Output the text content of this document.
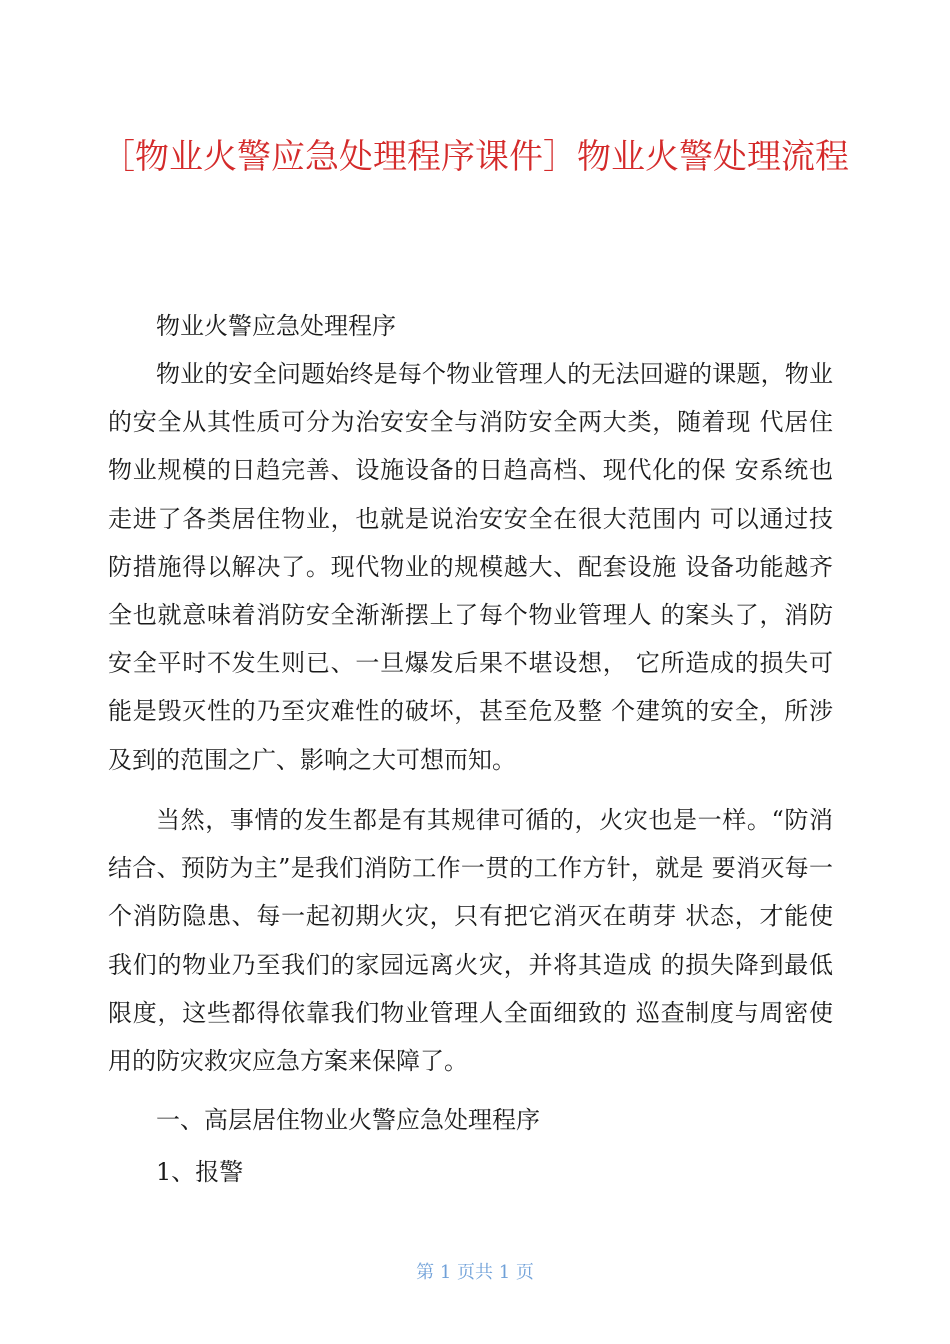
［物业火警应急处理程序课件］物业火警处理流程

物业火警应急处理程序

物业的安全问题始终是每个物业管理人的无法回避的课题，物业的安全从其性质可分为治安安全与消防安全两大类，随着现 代居住物业规模的日趋完善、设施设备的日趋高档、现代化的保 安系统也走进了各类居住物业，也就是说治安安全在很大范围内 可以通过技防措施得以解决了。现代物业的规模越大、配套设施 设备功能越齐全也就意味着消防安全渐渐摆上了每个物业管理人 的案头了，消防安全平时不发生则已、一旦爆发后果不堪设想， 它所造成的损失可能是毁灭性的乃至灾难性的破坏，甚至危及整 个建筑的安全，所涉及到的范围之广、影响之大可想而知。

当然，事情的发生都是有其规律可循的，火灾也是一样。“防消结合、预防为主”是我们消防工作一贯的工作方针，就是 要消灭每一个消防隐患、每一起初期火灾，只有把它消灭在萌芽 状态，才能使我们的物业乃至我们的家园远离火灾，并将其造成 的损失降到最低限度，这些都得依靠我们物业管理人全面细致的 巡查制度与周密使用的防灾救灾应急方案来保障了。

一、高层居住物业火警应急处理程序

1、报警

第 1 页共 1 页
